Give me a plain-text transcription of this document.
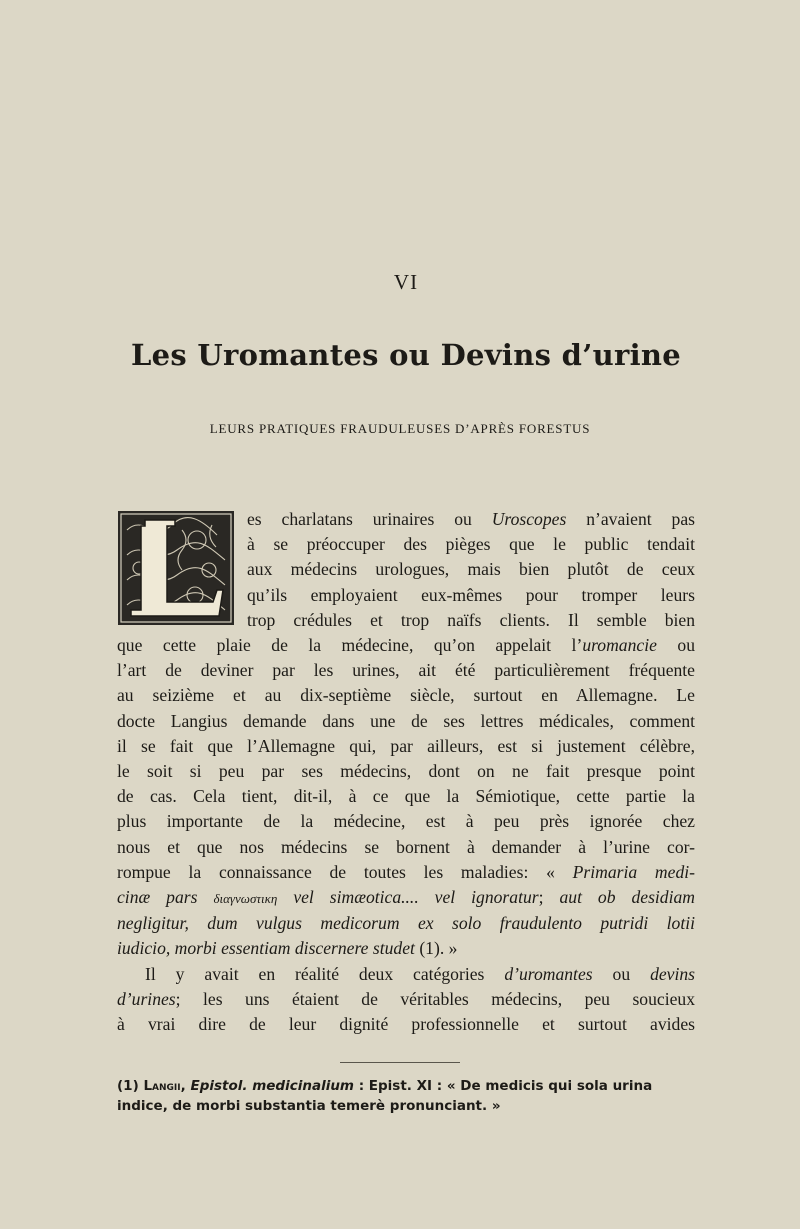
VI
Les Uromantes ou Devins d’urine
LEURS PRATIQUES FRAUDULEUSES D’APRÈS FORESTUS
es charlatans urinaires ou Uroscopes n’avaient pas
à se préoccuper des pièges que le public tendait
aux médecins urologues, mais bien plutôt de ceux
qu’ils employaient eux-mêmes pour tromper leurs
trop crédules et trop naïfs clients. Il semble bien
que cette plaie de la médecine, qu’on appelait l’uromancie ou
l’art de deviner par les urines, ait été particulièrement fréquente
au seizième et au dix-septième siècle, surtout en Allemagne. Le
docte Langius demande dans une de ses lettres médicales, comment
il se fait que l’Allemagne qui, par ailleurs, est si justement célèbre,
le soit si peu par ses médecins, dont on ne fait presque point
de cas. Cela tient, dit-il, à ce que la Sémiotique, cette partie la
plus importante de la médecine, est à peu près ignorée chez
nous et que nos médecins se bornent à demander à l’urine cor-
rompue la connaissance de toutes les maladies: « Primaria medi-
cinæ pars διαγνωστικη vel simæotica.... vel ignoratur; aut ob desidiam
negligitur, dum vulgus medicorum ex solo fraudulento putridi lotii
iudicio, morbi essentiam discernere studet (1). »
Il y avait en réalité deux catégories d’uromantes ou devins
d’urines; les uns étaient de véritables médecins, peu soucieux
à vrai dire de leur dignité professionnelle et surtout avides
(1) Langii, Epistol. medicinalium : Epist. XI : « De medicis qui sola urina
indice, de morbi substantia temerè pronunciant. »
